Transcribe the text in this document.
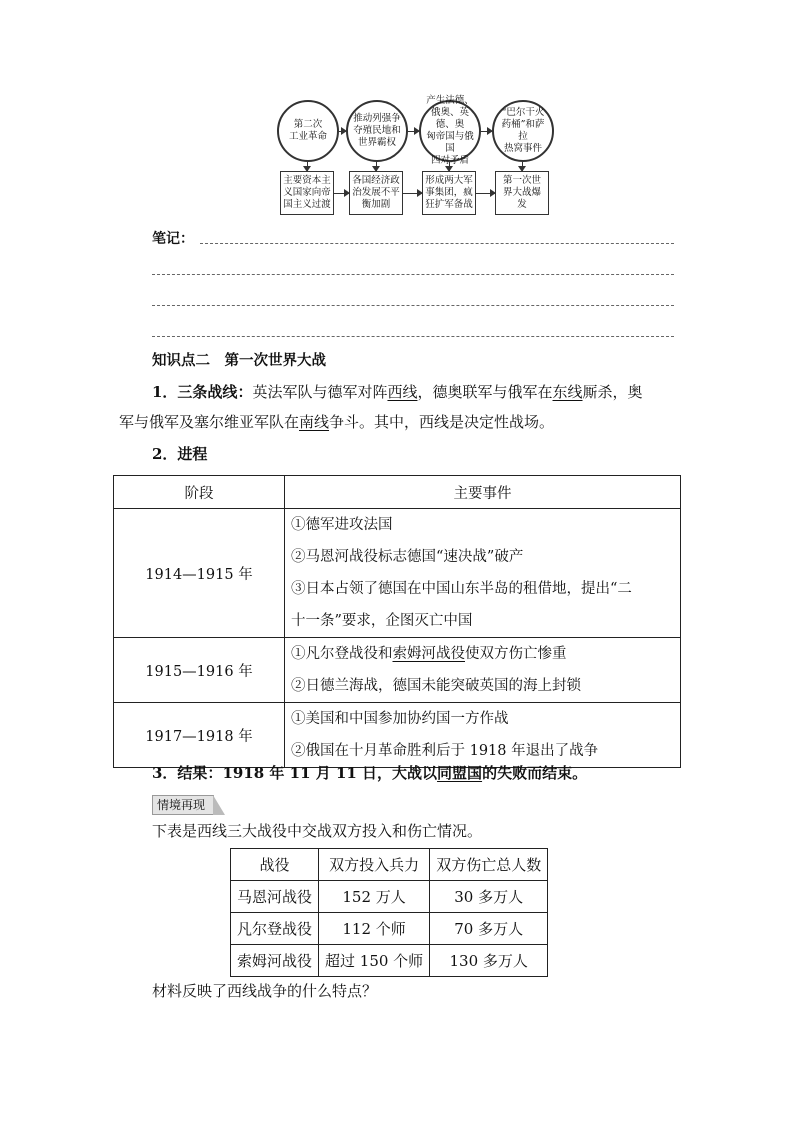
第二次
工业革命
推动列强争
夺殖民地和
世界霸权
产生法德、
俄奥、英德、奥
匈帝国与俄国
四对矛盾
“巴尔干火
药桶”和萨拉
热窝事件
主要资本主
义国家向帝
国主义过渡
各国经济政
治发展不平
衡加剧
形成两大军
事集团，疯
狂扩军备战
第一次世
界大战爆
发
笔记：
知识点二　第一次世界大战
1．三条战线：英法军队与德军对阵西线，德奥联军与俄军在东线厮杀，奥
军与俄军及塞尔维亚军队在南线争斗。其中，西线是决定性战场。
2．进程
阶段	主要事件
1914—1915 年	①德军进攻法国
②马恩河战役标志德国“速决战”破产
③日本占领了德国在中国山东半岛的租借地，提出“二
十一条”要求，企图灭亡中国

1915—1916 年	①凡尔登战役和索姆河战役使双方伤亡惨重
②日德兰海战，德国未能突破英国的海上封锁

1917—1918 年	①美国和中国参加协约国一方作战
②俄国在十月革命胜利后于 1918 年退出了战争
3．结果：1918 年 11 月 11 日，大战以同盟国的失败而结束。
情境再现
下表是西线三大战役中交战双方投入和伤亡情况。
战役	双方投入兵力	双方伤亡总人数
马恩河战役	152 万人	30 多万人
凡尔登战役	112 个师	70 多万人
索姆河战役	超过 150 个师	130 多万人
材料反映了西线战争的什么特点？
